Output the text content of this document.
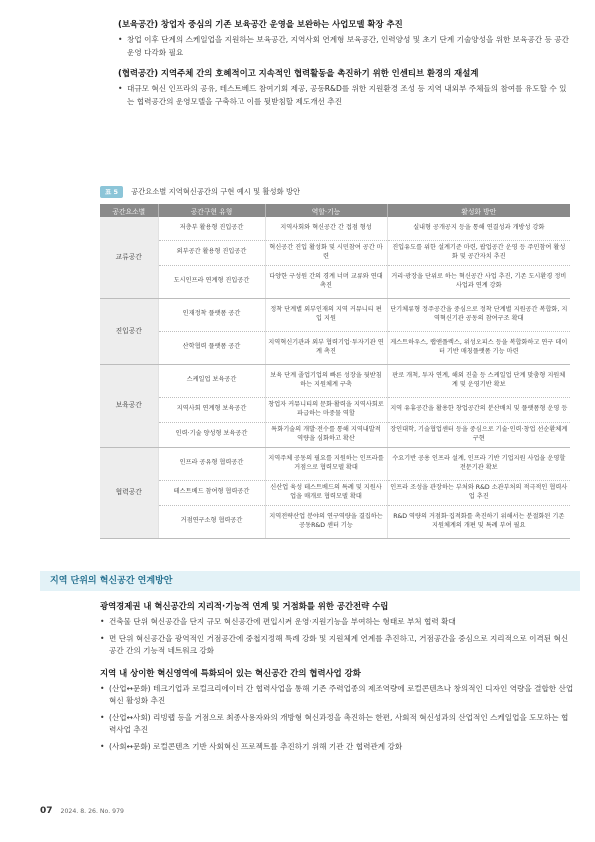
(보육공간) 창업자 중심의 기존 보육공간 운영을 보완하는 사업모델 확장 추진
• 창업 이후 단계의 스케일업을 지원하는 보육공간, 지역사회 연계형 보육공간, 인력양성 및 초기 단계 기술양성을 위한 보육공간 등 공간운영 다각화 필요
(협력공간) 지역주체 간의 호혜적이고 지속적인 협력활동을 촉진하기 위한 인센티브 환경의 재설계
• 대규모 혁신 인프라의 공유, 테스트베드 참여기회 제공, 공동R&D를 위한 지원환경 조성 등 지역 내외부 주체들의 참여를 유도할 수 있는 협력공간의 운영모델을 구축하고 이를 뒷받침할 제도개선 추진
표 5	공간요소별 지역혁신공간의 구현 예시 및 활성화 방안
공간요소별	공간구현 유형	역할·기능	활성화 방안
교류공간	저층부 활용형 진입공간	지역사회와 혁신공간 간 접점 형성	실내형 공개공지 등을 통해 연결성과 개방성 강화
	외부공간 활용형 진입공간	혁신공간 진입 활성화 및 시민참여 공간 마련	진입유도를 위한 설계기준 마련, 팝업공간 운영 등 주민참여 활성화 및 공간자치 추진
	도시인프라 연계형 진입공간	다양한 구성원 간의 경계 너머 교류와 연대 촉진	거리·광장을 단위로 하는 혁신공간 사업 추진, 기존 도시환경 정비사업과 연계 강화
진입공간	인재정착 플랫폼 공간	정착 단계별 외부인재의 지역 커뮤니티 편입 지원	단기체류형 정주공간을 중심으로 정착 단계별 지원공간 복합화, 지역혁신기관 공동의 참여구조 확대
	산학협력 플랫폼 공간	지역혁신기관과 외부 협력기업·투자기관 연계 촉진	게스트하우스, 랩앤플렉스, 위성오피스 등을 복합화하고 연구 데이터 기반 매칭플랫폼 기능 마련
보육공간	스케일업 보육공간	보육 단계 졸업기업의 빠른 성장을 뒷받침하는 지원체계 구축	판로 개척, 투자 연계, 해외 진출 등 스케일업 단계 맞춤형 지원체계 및 운영기반 확보
	지역사회 연계형 보육공간	창업자 커뮤니티의 문화·활력을 지역사회로 파급하는 마중물 역할	지역 유휴공간을 활용한 창업공간의 분산배치 및 플랫폼형 운영 등
	인력·기술 양성형 보육공간	특화기술의 개발·전수를 통해 지역내발적 역량을 심화하고 확산	장인대학, 기술협업센터 등을 중심으로 기술·인력·창업 선순환체계 구현
협력공간	인프라 공유형 협력공간	지역주체 공동의 필요를 지원하는 인프라를 거점으로 협력모델 확대	수요기반 공용 인프라 설계, 인프라 기반 기업지원 사업을 운영할 전문기관 확보
	테스트베드 참여형 협력공간	신산업 육성 테스트베드의 특례 및 지원사업을 매개로 협력모델 확대	인프라 조성을 관장하는 부처와 R&D 소관부처의 적극적인 협력사업 추진
	거점연구소형 협력공간	지역전략산업 분야의 연구역량을 결집하는 공동R&D 센터 기능	R&D 역량의 거점화·집적화를 촉진하기 위해서는 분절화된 기존 지원체계의 개편 및 특례 부여 필요
지역 단위의 혁신공간 연계방안
광역경제권 내 혁신공간의 지리적·기능적 연계 및 거점화를 위한 공간전략 수립
• 건축물 단위 혁신공간을 단지 규모 혁신공간에 편입시켜 운영·지원기능을 부여하는 형태로 부처 협력 확대
• 면 단위 혁신공간을 광역적인 거점공간에 중첩지정해 특례 강화 및 지원체계 연계를 추진하고, 거점공간을 중심으로 지리적으로 이격된 혁신공간 간의 기능적 네트워크 강화
지역 내 상이한 혁신영역에 특화되어 있는 혁신공간 간의 협력사업 강화
• (산업↔문화) 테크기업과 로컬크리에이터 간 협력사업을 통해 기존 주력업종의 제조역량에 로컬콘텐츠나 창의적인 디자인 역량을 결합한 산업혁신 활성화 추진
• (산업↔사회) 리빙랩 등을 거점으로 최종사용자와의 개방형 혁신과정을 촉진하는 한편, 사회적 혁신성과의 산업적인 스케일업을 도모하는 협력사업 추진
• (사회↔문화) 로컬콘텐츠 기반 사회혁신 프로젝트를 추진하기 위해 기관 간 협력관계 강화
07 2024. 8. 26. No. 979
